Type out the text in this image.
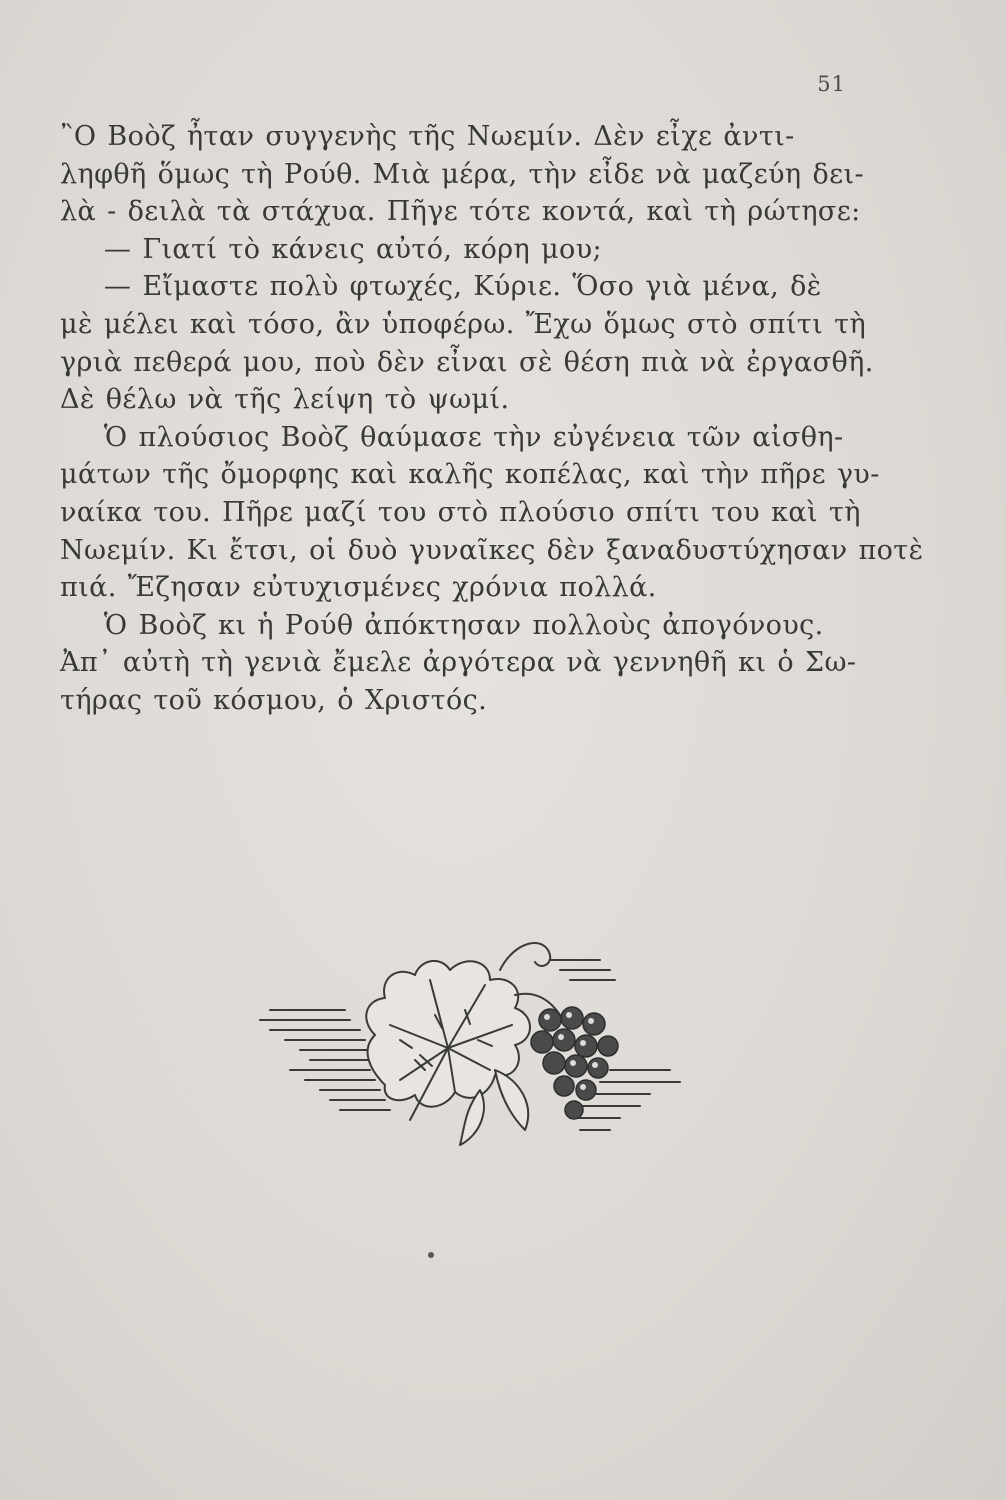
51
῍Ο Βοὸζ ἦταν συγγενὴς τῆς Νωεμίν. Δὲν εἶχε ἀντι-
ληφθῆ ὅμως τὴ Ρούθ. Μιὰ μέρα, τὴν εἶδε νὰ μαζεύη δει-
λὰ - δειλὰ τὰ στάχυα. Πῆγε τότε κοντά, καὶ τὴ ρώτησε:
— Γιατί τὸ κάνεις αὐτό, κόρη μου;
— Εἴμαστε πολὺ φτωχές, Κύριε. Ὅσο γιὰ μένα, δὲ
μὲ μέλει καὶ τόσο, ἂν ὑποφέρω. Ἔχω ὅμως στὸ σπίτι τὴ
γριὰ πεθερά μου, ποὺ δὲν εἶναι σὲ θέση πιὰ νὰ ἐργασθῆ.
Δὲ θέλω νὰ τῆς λείψη τὸ ψωμί.
Ὁ πλούσιος Βοὸζ θαύμασε τὴν εὐγένεια τῶν αἰσθη-
μάτων τῆς ὄμορφης καὶ καλῆς κοπέλας, καὶ τὴν πῆρε γυ-
ναίκα του. Πῆρε μαζί του στὸ πλούσιο σπίτι του καὶ τὴ
Νωεμίν. Κι ἔτσι, οἱ δυὸ γυναῖκες δὲν ξαναδυστύχησαν ποτὲ
πιά. Ἔζησαν εὐτυχισμένες χρόνια πολλά.
Ὁ Βοὸζ κι ἡ Ρούθ ἀπόκτησαν πολλοὺς ἀπογόνους.
Ἀπ᾿ αὐτὴ τὴ γενιὰ ἔμελε ἀργότερα νὰ γεννηθῆ κι ὁ Σω-
τήρας τοῦ κόσμου, ὁ Χριστός.
